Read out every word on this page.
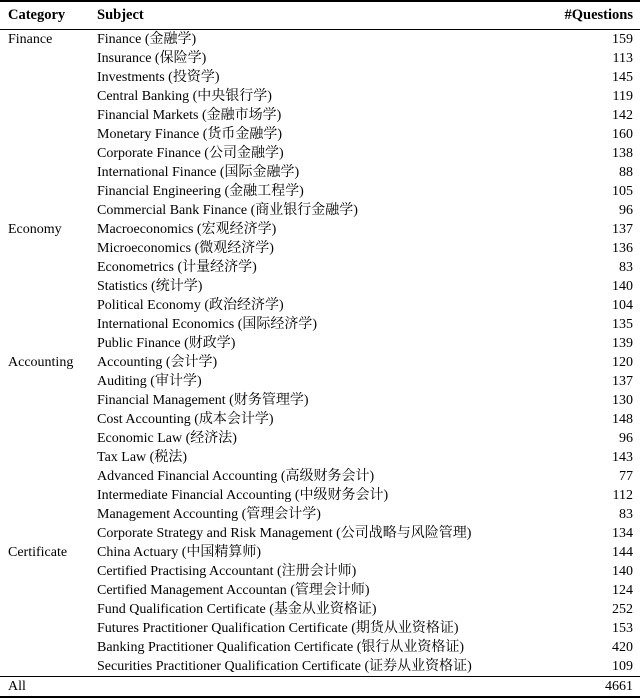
Category	Subject	#Questions
Finance	Finance (金融学)	159
	Insurance (保险学)	113
	Investments (投资学)	145
	Central Banking (中央银行学)	119
	Financial Markets (金融市场学)	142
	Monetary Finance (货币金融学)	160
	Corporate Finance (公司金融学)	138
	International Finance (国际金融学)	88
	Financial Engineering (金融工程学)	105
	Commercial Bank Finance (商业银行金融学)	96
Economy	Macroeconomics (宏观经济学)	137
	Microeconomics (微观经济学)	136
	Econometrics (计量经济学)	83
	Statistics (统计学)	140
	Political Economy (政治经济学)	104
	International Economics (国际经济学)	135
	Public Finance (财政学)	139
Accounting	Accounting (会计学)	120
	Auditing (审计学)	137
	Financial Management (财务管理学)	130
	Cost Accounting (成本会计学)	148
	Economic Law (经济法)	96
	Tax Law (税法)	143
	Advanced Financial Accounting (高级财务会计)	77
	Intermediate Financial Accounting (中级财务会计)	112
	Management Accounting (管理会计学)	83
	Corporate Strategy and Risk Management (公司战略与风险管理)	134
Certificate	China Actuary (中国精算师)	144
	Certified Practising Accountant (注册会计师)	140
	Certified Management Accountan (管理会计师)	124
	Fund Qualification Certificate (基金从业资格证)	252
	Futures Practitioner Qualification Certificate (期货从业资格证)	153
	Banking Practitioner Qualification Certificate (银行从业资格证)	420
	Securities Practitioner Qualification Certificate (证券从业资格证)	109
All		4661
